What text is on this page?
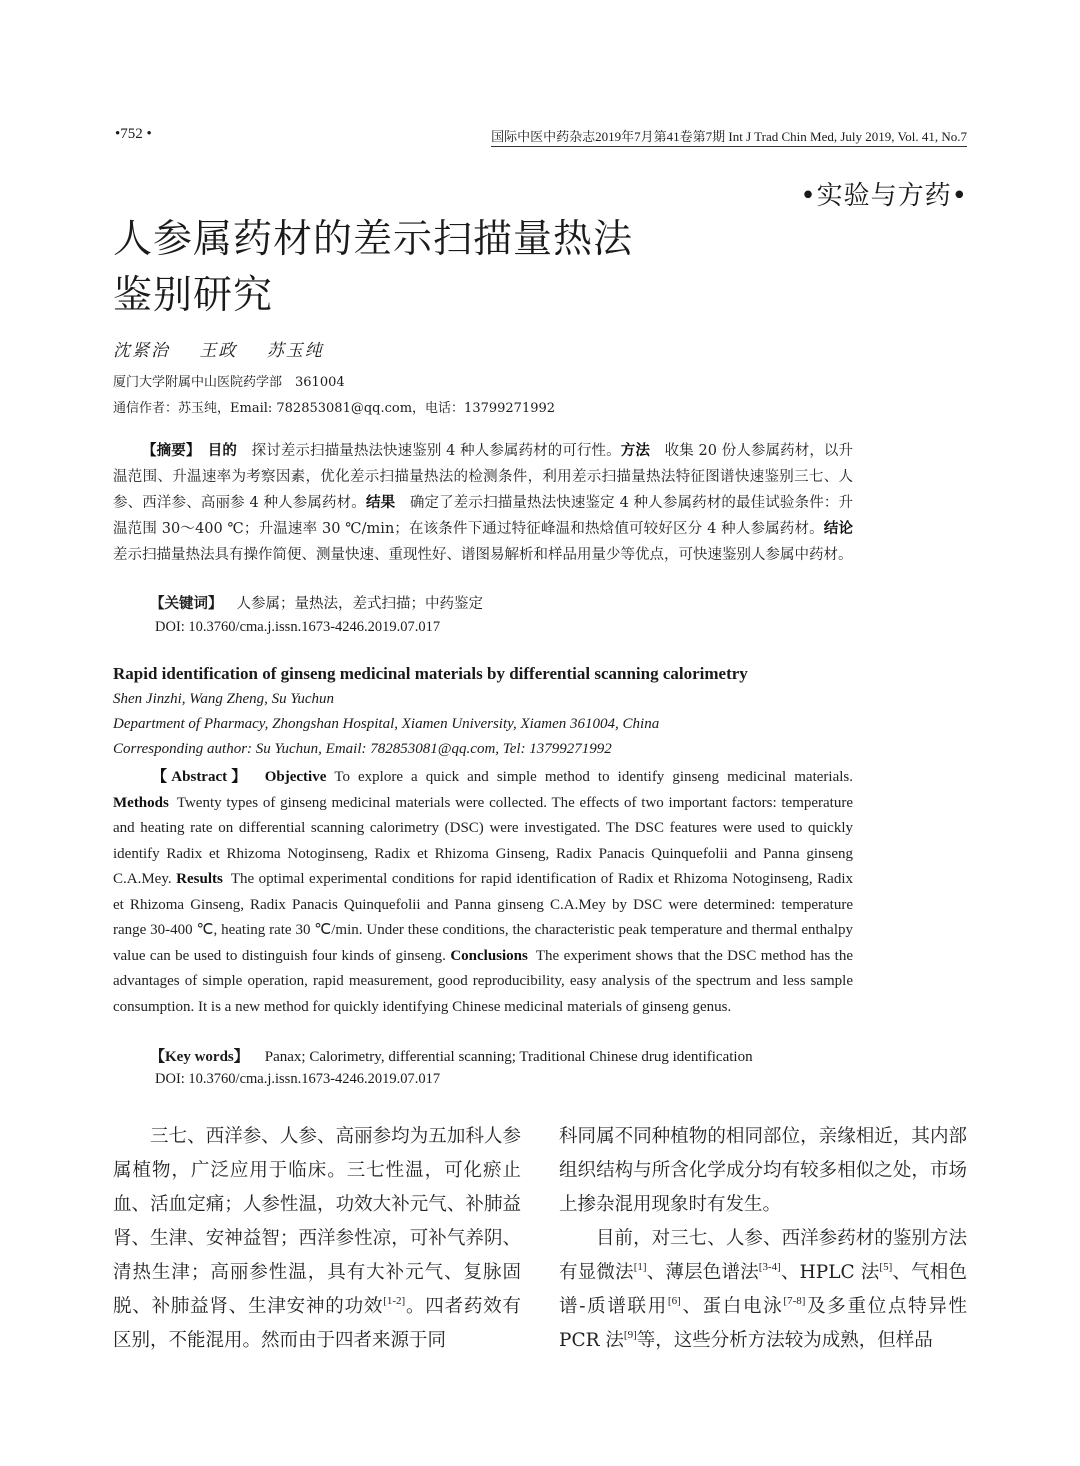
•752 •	国际中医中药杂志2019年7月第41卷第7期 Int J Trad Chin Med, July 2019, Vol. 41, No.7
•实验与方药•
人参属药材的差示扫描量热法
鉴别研究
沈紧治 王政 苏玉纯
厦门大学附属中山医院药学部　361004
通信作者：苏玉纯，Email: 782853081@qq.com，电话：13799271992
【摘要】　 目的　 探讨差示扫描量热法快速鉴别 4 种人参属药材的可行性。方法　 收集 20 份人参属药材，以升温范围、升温速率为考察因素，优化差示扫描量热法的检测条件，利用差示扫描量热法特征图谱快速鉴别三七、人参、西洋参、高丽参 4 种人参属药材。结果　 确定了差示扫描量热法快速鉴定 4 种人参属药材的最佳试验条件：升温范围 30～400 ℃；升温速率 30 ℃/min；在该条件下通过特征峰温和热焓值可较好区分 4 种人参属药材。结论　差示扫描量热法具有操作简便、测量快速、重现性好、谱图易解析和样品用量少等优点，可快速鉴别人参属中药材。
【关键词】 人参属；量热法，差式扫描；中药鉴定
DOI: 10.3760/cma.j.issn.1673-4246.2019.07.017
Rapid identification of ginseng medicinal materials by differential scanning calorimetry
Shen Jinzhi, Wang Zheng, Su Yuchun
Department of Pharmacy, Zhongshan Hospital, Xiamen University, Xiamen 361004, China
Corresponding author: Su Yuchun, Email: 782853081@qq.com, Tel: 13799271992
【Abstract】 Objective To explore a quick and simple method to identify ginseng medicinal materials. Methods Twenty types of ginseng medicinal materials were collected. The effects of two important factors: temperature and heating rate on differential scanning calorimetry (DSC) were investigated. The DSC features were used to quickly identify Radix et Rhizoma Notoginseng, Radix et Rhizoma Ginseng, Radix Panacis Quinquefolii and Panna ginseng C.A.Mey. Results The optimal experimental conditions for rapid identification of Radix et Rhizoma Notoginseng, Radix et Rhizoma Ginseng, Radix Panacis Quinquefolii and Panna ginseng C.A.Mey by DSC were determined: temperature range 30-400 ℃, heating rate 30 ℃/min. Under these conditions, the characteristic peak temperature and thermal enthalpy value can be used to distinguish four kinds of ginseng. Conclusions The experiment shows that the DSC method has the advantages of simple operation, rapid measurement, good reproducibility, easy analysis of the spectrum and less sample consumption. It is a new method for quickly identifying Chinese medicinal materials of ginseng genus.
【Key words】 Panax; Calorimetry, differential scanning; Traditional Chinese drug identification
DOI: 10.3760/cma.j.issn.1673-4246.2019.07.017

三七、西洋参、人参、高丽参均为五加科人参属植物，广泛应用于临床。三七性温，可化瘀止血、活血定痛；人参性温，功效大补元气、补肺益肾、生津、安神益智；西洋参性凉，可补气养阴、清热生津；高丽参性温，具有大补元气、复脉固脱、补肺益肾、生津安神的功效[1-2]。四者药效有区别，不能混用。然而由于四者来源于同

科同属不同种植物的相同部位，亲缘相近，其内部组织结构与所含化学成分均有较多相似之处，市场上掺杂混用现象时有发生。

目前，对三七、人参、西洋参药材的鉴别方法有显微法[1]、薄层色谱法[3-4]、HPLC 法[5]、气相色谱-质谱联用[6]、蛋白电泳[7-8]及多重位点特异性 PCR 法[9]等，这些分析方法较为成熟，但样品
